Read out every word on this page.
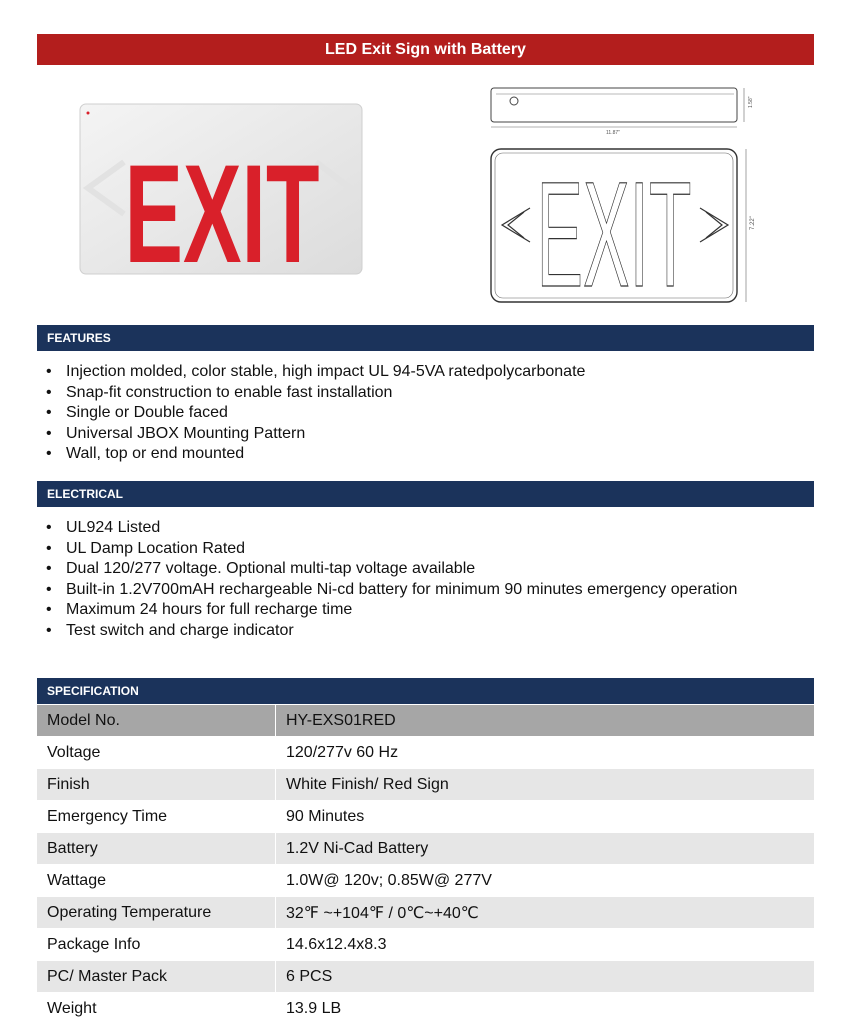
LED Exit Sign with Battery
EXIT
11.87"
1.58"
EXIT	7.22"
FEATURES
• Injection molded, color stable, high impact UL 94-5VA ratedpolycarbonate
• Snap-fit construction to enable fast installation
• Single or Double faced
• Universal JBOX Mounting Pattern
• Wall, top or end mounted
ELECTRICAL
• UL924 Listed
• UL Damp Location Rated
• Dual 120/277 voltage. Optional multi-tap voltage available
• Built-in 1.2V700mAH rechargeable Ni-cd battery for minimum 90 minutes emergency operation
• Maximum 24 hours for full recharge time
• Test switch and charge indicator
SPECIFICATION
Model No.	HY-EXS01RED
Voltage	120/277v 60 Hz
Finish	White Finish/ Red Sign
Emergency Time	90 Minutes
Battery	1.2V Ni-Cad Battery
Wattage	1.0W@ 120v; 0.85W@ 277V
Operating Temperature	32℉ ~+104℉ / 0℃~+40℃
Package Info	14.6x12.4x8.3
PC/ Master Pack	6 PCS
Weight	13.9 LB
